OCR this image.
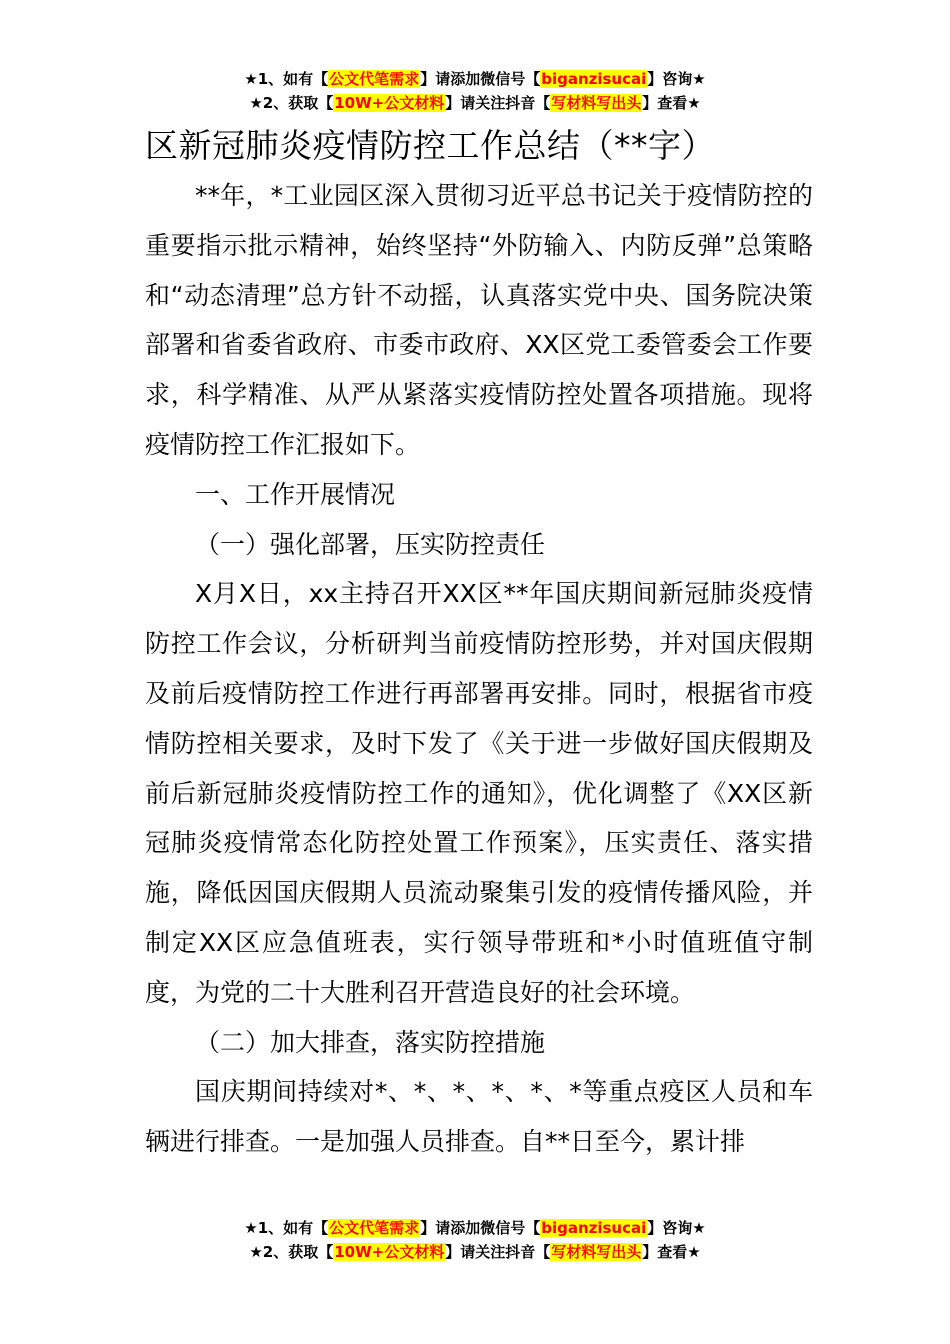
★1、如有【公文代笔需求】请添加微信号【biganzisucai】咨询★
★2、获取【10W+公文材料】请关注抖音【写材料写出头】查看★
区新冠肺炎疫情防控工作总结（**字）

**年，*工业园区深入贯彻习近平总书记关于疫情防控的重要指示批示精神，始终坚持“外防输入、内防反弹”总策略和“动态清理”总方针不动摇，认真落实党中央、国务院决策部署和省委省政府、市委市政府、XX区党工委管委会工作要求，科学精准、从严从紧落实疫情防控处置各项措施。现将疫情防控工作汇报如下。

一、工作开展情况

（一）强化部署，压实防控责任

X月X日，xx主持召开XX区**年国庆期间新冠肺炎疫情防控工作会议，分析研判当前疫情防控形势，并对国庆假期及前后疫情防控工作进行再部署再安排。同时，根据省市疫情防控相关要求，及时下发了《关于进一步做好国庆假期及前后新冠肺炎疫情防控工作的通知》，优化调整了《XX区新冠肺炎疫情常态化防控处置工作预案》，压实责任、落实措施，降低因国庆假期人员流动聚集引发的疫情传播风险，并制定XX区应急值班表，实行领导带班和*小时值班值守制度，为党的二十大胜利召开营造良好的社会环境。

（二）加大排查，落实防控措施

国庆期间持续对*、*、*、*、*、*等重点疫区人员和车辆进行排查。一是加强人员排查。自**日至今，累计排

★1、如有【公文代笔需求】请添加微信号【biganzisucai】咨询★
★2、获取【10W+公文材料】请关注抖音【写材料写出头】查看★
